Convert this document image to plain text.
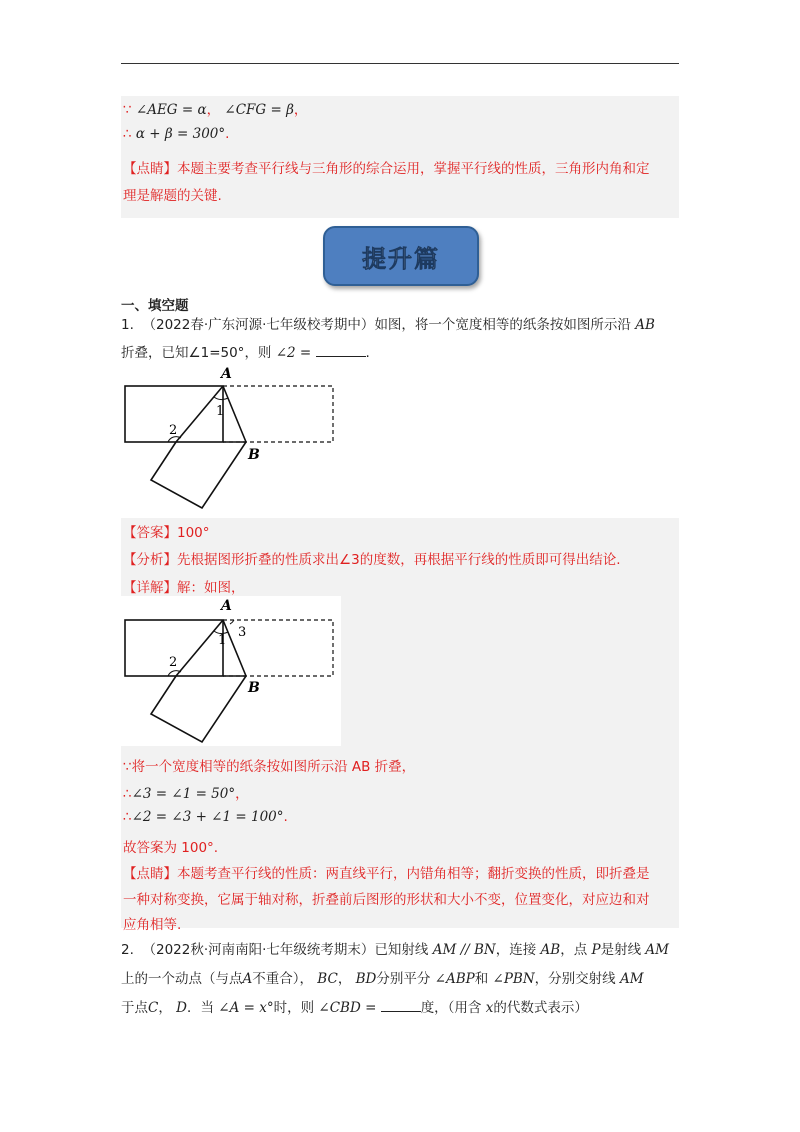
∵ ∠AEG = α， ∠CFG = β，
∴ α + β = 300°.
【点睛】本题主要考查平行线与三角形的综合运用，掌握平行线的性质，三角形内角和定
理是解题的关键.
提升篇
一、填空题
1. （2022春·广东河源·七年级校考期中）如图，将一个宽度相等的纸条按如图所示沿 AB
折叠，已知∠1=50°，则 ∠2 =	.
A
1
2
B
【答案】100°
【分析】先根据图形折叠的性质求出∠3的度数，再根据平行线的性质即可得出结论.
【详解】解：如图，
A
1
3
2
B
∵将一个宽度相等的纸条按如图所示沿 AB 折叠，
∴∠3 = ∠1 = 50°，
∴∠2 = ∠3 + ∠1 = 100°.
故答案为 100°.
【点睛】本题考查平行线的性质：两直线平行，内错角相等；翻折变换的性质，即折叠是
一种对称变换，它属于轴对称，折叠前后图形的形状和大小不变，位置变化，对应边和对
应角相等.
2. （2022秋·河南南阳·七年级统考期末）已知射线 AM // BN，连接 AB，点 P是射线 AM
上的一个动点（与点A不重合）， BC， BD分别平分 ∠ABP和 ∠PBN，分别交射线 AM
于点C， D．当 ∠A = x°时，则 ∠CBD =	度，（用含 x的代数式表示）
